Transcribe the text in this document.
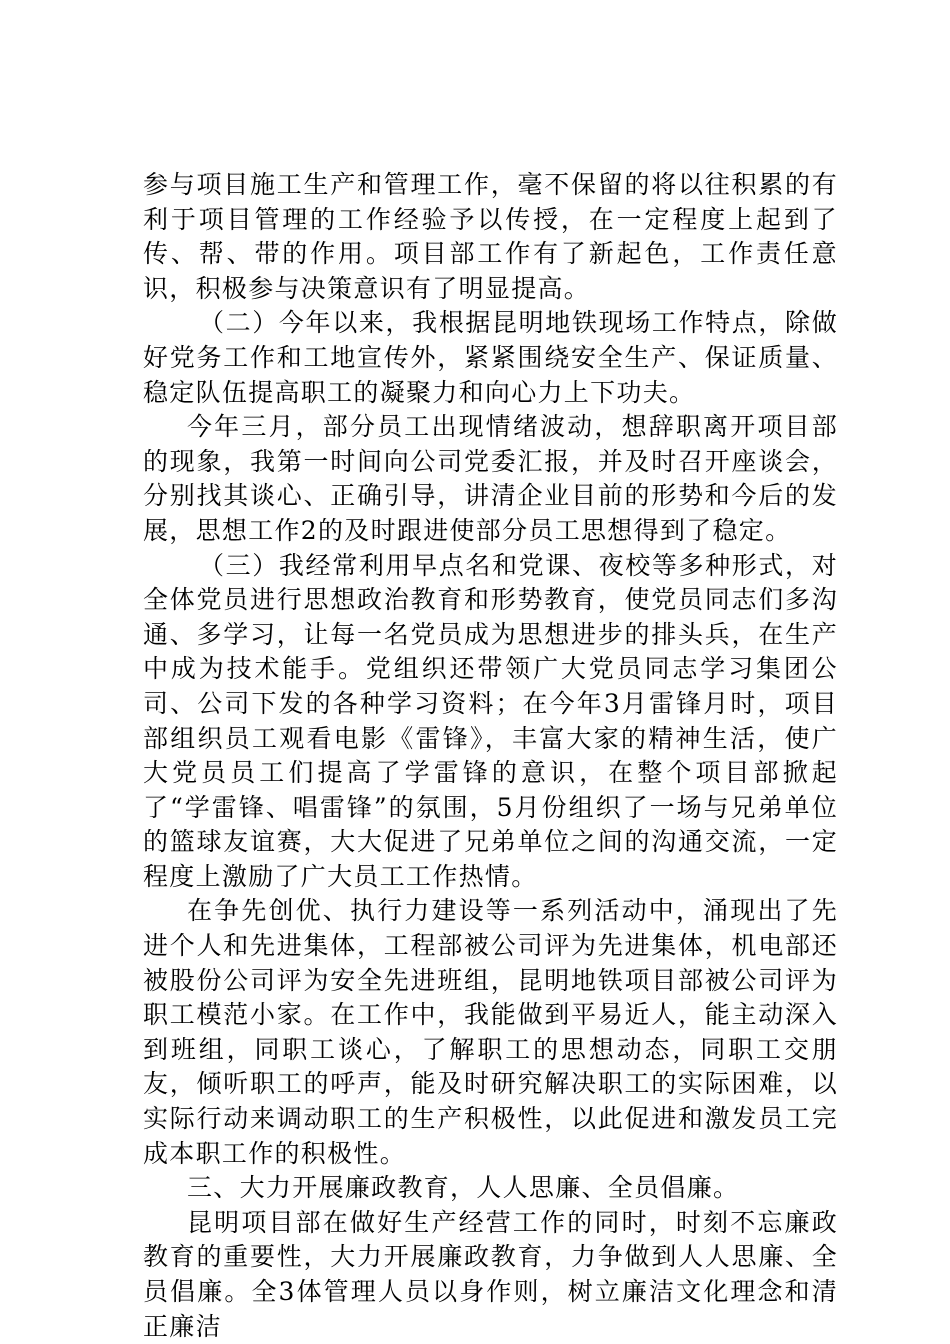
参与项目施工生产和管理工作，毫不保留的将以往积累的有利于项目管理的工作经验予以传授，在一定程度上起到了传、帮、带的作用。项目部工作有了新起色，工作责任意识，积极参与决策意识有了明显提高。

（二）今年以来，我根据昆明地铁现场工作特点，除做好党务工作和工地宣传外，紧紧围绕安全生产、保证质量、稳定队伍提高职工的凝聚力和向心力上下功夫。

今年三月，部分员工出现情绪波动，想辞职离开项目部的现象，我第一时间向公司党委汇报，并及时召开座谈会，分别找其谈心、正确引导，讲清企业目前的形势和今后的发展，思想工作2的及时跟进使部分员工思想得到了稳定。

（三）我经常利用早点名和党课、夜校等多种形式，对全体党员进行思想政治教育和形势教育，使党员同志们多沟通、多学习，让每一名党员成为思想进步的排头兵，在生产中成为技术能手。党组织还带领广大党员同志学习集团公司、公司下发的各种学习资料；在今年3月雷锋月时，项目部组织员工观看电影《雷锋》，丰富大家的精神生活，使广大党员员工们提高了学雷锋的意识，在整个项目部掀起了“学雷锋、唱雷锋”的氛围，5月份组织了一场与兄弟单位的篮球友谊赛，大大促进了兄弟单位之间的沟通交流，一定程度上激励了广大员工工作热情。

在争先创优、执行力建设等一系列活动中，涌现出了先进个人和先进集体，工程部被公司评为先进集体，机电部还被股份公司评为安全先进班组，昆明地铁项目部被公司评为职工模范小家。在工作中，我能做到平易近人，能主动深入到班组，同职工谈心，了解职工的思想动态，同职工交朋友，倾听职工的呼声，能及时研究解决职工的实际困难，以实际行动来调动职工的生产积极性，以此促进和激发员工完成本职工作的积极性。

三、大力开展廉政教育，人人思廉、全员倡廉。

昆明项目部在做好生产经营工作的同时，时刻不忘廉政教育的重要性，大力开展廉政教育，力争做到人人思廉、全员倡廉。全3体管理人员以身作则，树立廉洁文化理念和清正廉洁
